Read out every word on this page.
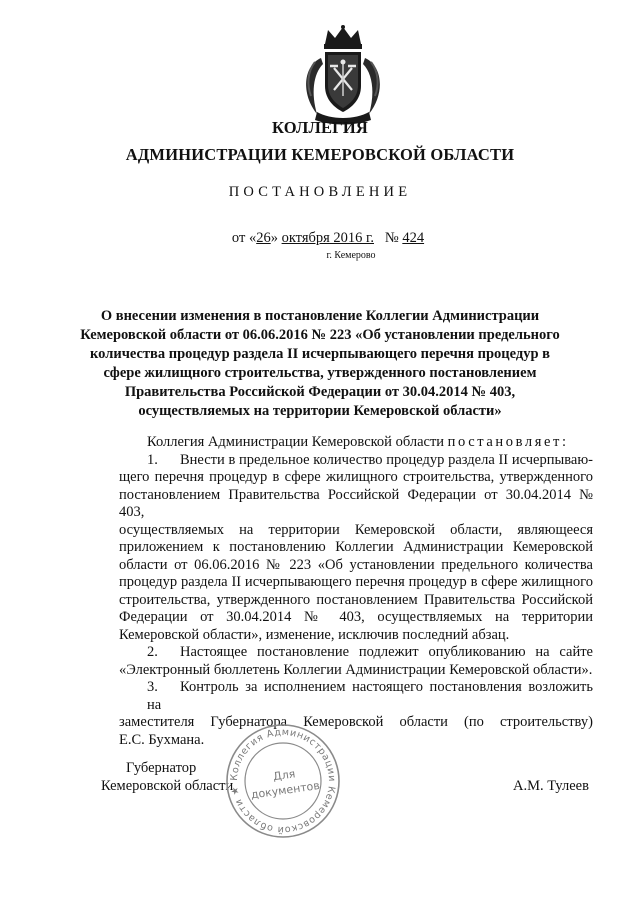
КОЛЛЕГИЯ
АДМИНИСТРАЦИИ КЕМЕРОВСКОЙ ОБЛАСТИ
ПОСТАНОВЛЕНИЕ
от «26» октября 2016 г. № 424
г. Кемерово
О внесении изменения в постановление Коллегии Администрации
Кемеровской области от 06.06.2016 № 223 «Об установлении предельного
количества процедур раздела II исчерпывающего перечня процедур в
сфере жилищного строительства, утвержденного постановлением
Правительства Российской Федерации от 30.04.2014 № 403,
осуществляемых на территории Кемеровской области»
Коллегия Администрации Кемеровской области постановляет:
1. Внести в предельное количество процедур раздела II исчерпываю-
щего перечня процедур в сфере жилищного строительства, утвержденного
постановлением Правительства Российской Федерации от 30.04.2014 № 403,
осуществляемых на территории Кемеровской области, являющееся
приложением к постановлению Коллегии Администрации Кемеровской
области от 06.06.2016 № 223 «Об установлении предельного количества
процедур раздела II исчерпывающего перечня процедур в сфере жилищного
строительства, утвержденного постановлением Правительства Российской
Федерации от 30.04.2014 № 403, осуществляемых на территории
Кемеровской области», изменение, исключив последний абзац.
2. Настоящее постановление подлежит опубликованию на сайте
«Электронный бюллетень Коллегии Администрации Кемеровской области».
3. Контроль за исполнением настоящего постановления возложить на
заместителя Губернатора Кемеровской области (по строительству)
Е.С. Бухмана.
Губернатор
Кемеровской области	А.М. Тулеев
Коллегия Администрации Кемеровской области ★
Для
документов
